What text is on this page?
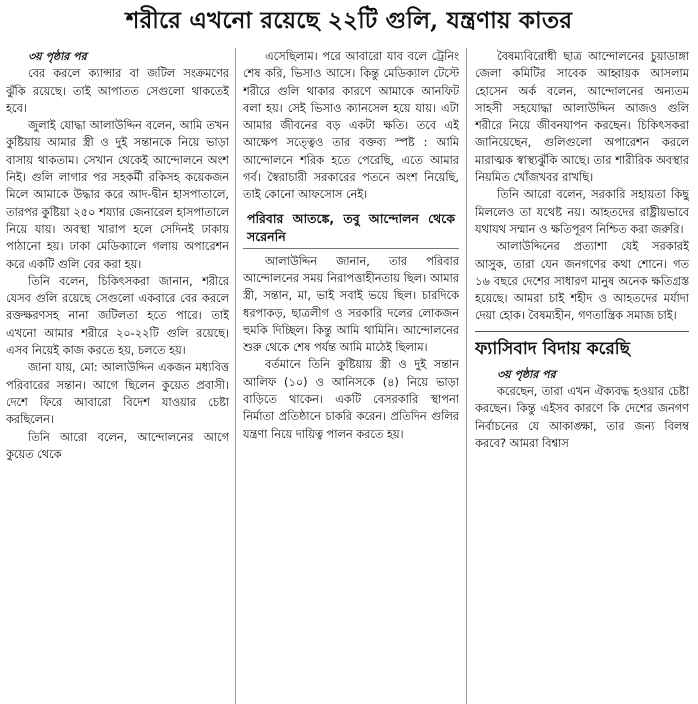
শরীরে এখনো রয়েছে ২২টি গুলি, যন্ত্রণায় কাতর

৩য় পৃষ্ঠার পর

বের করলে ক্যান্সার বা জটিল সংক্রমণের ঝুঁকি রয়েছে। তাই আপাতত সেগুলো থাকতেই হবে।

জুলাই যোদ্ধা আলাউদ্দিন বলেন, আমি তখন কুষ্টিয়ায় আমার স্ত্রী ও দুই সন্তানকে নিয়ে ভাড়া বাসায় থাকতাম। সেখান থেকেই আন্দোলনে অংশ নিই। গুলি লাগার পর সহকর্মী রকিসহ কয়েকজন মিলে আমাকে উদ্ধার করে আদ-দ্বীন হাসপাতালে, তারপর কুষ্টিয়া ২৫০ শয্যার জেনারেল হাসপাতালে নিয়ে যায়। অবস্থা খারাপ হলে সেদিনই ঢাকায় পাঠানো হয়। ঢাকা মেডিক্যালে গলায় অপারেশন করে একটি গুলি বের করা হয়।

তিনি বলেন, চিকিৎসকরা জানান, শরীরে যেসব গুলি রয়েছে সেগুলো একবারে বের করলে রক্তক্ষরণসহ নানা জটিলতা হতে পারে। তাই এখনো আমার শরীরে ২০-২২টি গুলি রয়েছে। এসব নিয়েই কাজ করতে হয়, চলতে হয়।

জানা যায়, মো: আলাউদ্দিন একজন মধ্যবিত্ত পরিবারের সন্তান। আগে ছিলেন কুয়েত প্রবাসী। দেশে ফিরে আবারো বিদেশ যাওয়ার চেষ্টা করছিলেন।

তিনি আরো বলেন, আন্দোলনের আগে কুয়েত থেকে

এসেছিলাম। পরে আবারো যাব বলে ট্রেনিং শেষ করি, ভিসাও আসে। কিন্তু মেডিক্যাল টেস্টে শরীরে গুলি থাকার কারণে আমাকে আনফিট বলা হয়। সেই ভিসাও ক্যানসেল হয়ে যায়। এটা আমার জীবনের বড় একটা ক্ষতি। তবে এই আক্ষেপ সত্ত্বেও তার বক্তব্য স্পষ্ট : আমি আন্দোলনে শরিক হতে পেরেছি, এতে আমার গর্ব। স্বৈরাচারী সরকারের পতনে অংশ নিয়েছি, তাই কোনো আফসোস নেই।

পরিবার আতঙ্কে, তবু আন্দোলন থেকে সরেননি

আলাউদ্দিন জানান, তার পরিবার আন্দোলনের সময় নিরাপত্তাহীনতায় ছিল। আমার স্ত্রী, সন্তান, মা, ভাই সবাই ভয়ে ছিল। চারদিকে ধরপাকড়, ছাত্রলীগ ও সরকারি দলের লোকজন হুমকি দিচ্ছিল। কিন্তু আমি থামিনি। আন্দোলনের শুরু থেকে শেষ পর্যন্ত আমি মাঠেই ছিলাম।

বর্তমানে তিনি কুষ্টিয়ায় স্ত্রী ও দুই সন্তান আলিফ (১০) ও আনিসকে (৪) নিয়ে ভাড়া বাড়িতে থাকেন। একটি বেসরকারি স্থাপনা নির্মাতা প্রতিষ্ঠানে চাকরি করেন। প্রতিদিন গুলির যন্ত্রণা নিয়ে দায়িত্ব পালন করতে হয়।

বৈষম্যবিরোধী ছাত্র আন্দোলনের চুয়াডাঙ্গা জেলা কমিটির সাবেক আহ্বায়ক আসলাম হোসেন অর্ক বলেন, আন্দোলনের অন্যতম সাহসী সহযোদ্ধা আলাউদ্দিন আজও গুলি শরীরে নিয়ে জীবনযাপন করছেন। চিকিৎসকরা জানিয়েছেন, গুলিগুলো অপারেশন করলে মারাত্মক স্বাস্থ্যঝুঁকি আছে। তার শারীরিক অবস্থার নিয়মিত খোঁজখবর রাখছি।

তিনি আরো বলেন, সরকারি সহায়তা কিছু মিললেও তা যথেষ্ট নয়। আহতদের রাষ্ট্রীয়ভাবে যথাযথ সম্মান ও ক্ষতিপূরণ নিশ্চিত করা জরুরি।

আলাউদ্দিনের প্রত্যাশা যেই সরকারই আসুক, তারা যেন জনগণের কথা শোনে। গত ১৬ বছরে দেশের সাধারণ মানুষ অনেক ক্ষতিগ্রস্ত হয়েছে। আমরা চাই শহীদ ও আহতদের মর্যাদা দেয়া হোক। বৈষম্যহীন, গণতান্ত্রিক সমাজ চাই।

ফ্যাসিবাদ বিদায় করেছি

৩য় পৃষ্ঠার পর

করেছেন, তারা এখন ঐক্যবদ্ধ হওয়ার চেষ্টা করছেন। কিন্তু এইসব কারণে কি দেশের জনগণ নির্বাচনের যে আকাঙ্ক্ষা, তার জন্য বিলম্ব করবে? আমরা বিশ্বাস
